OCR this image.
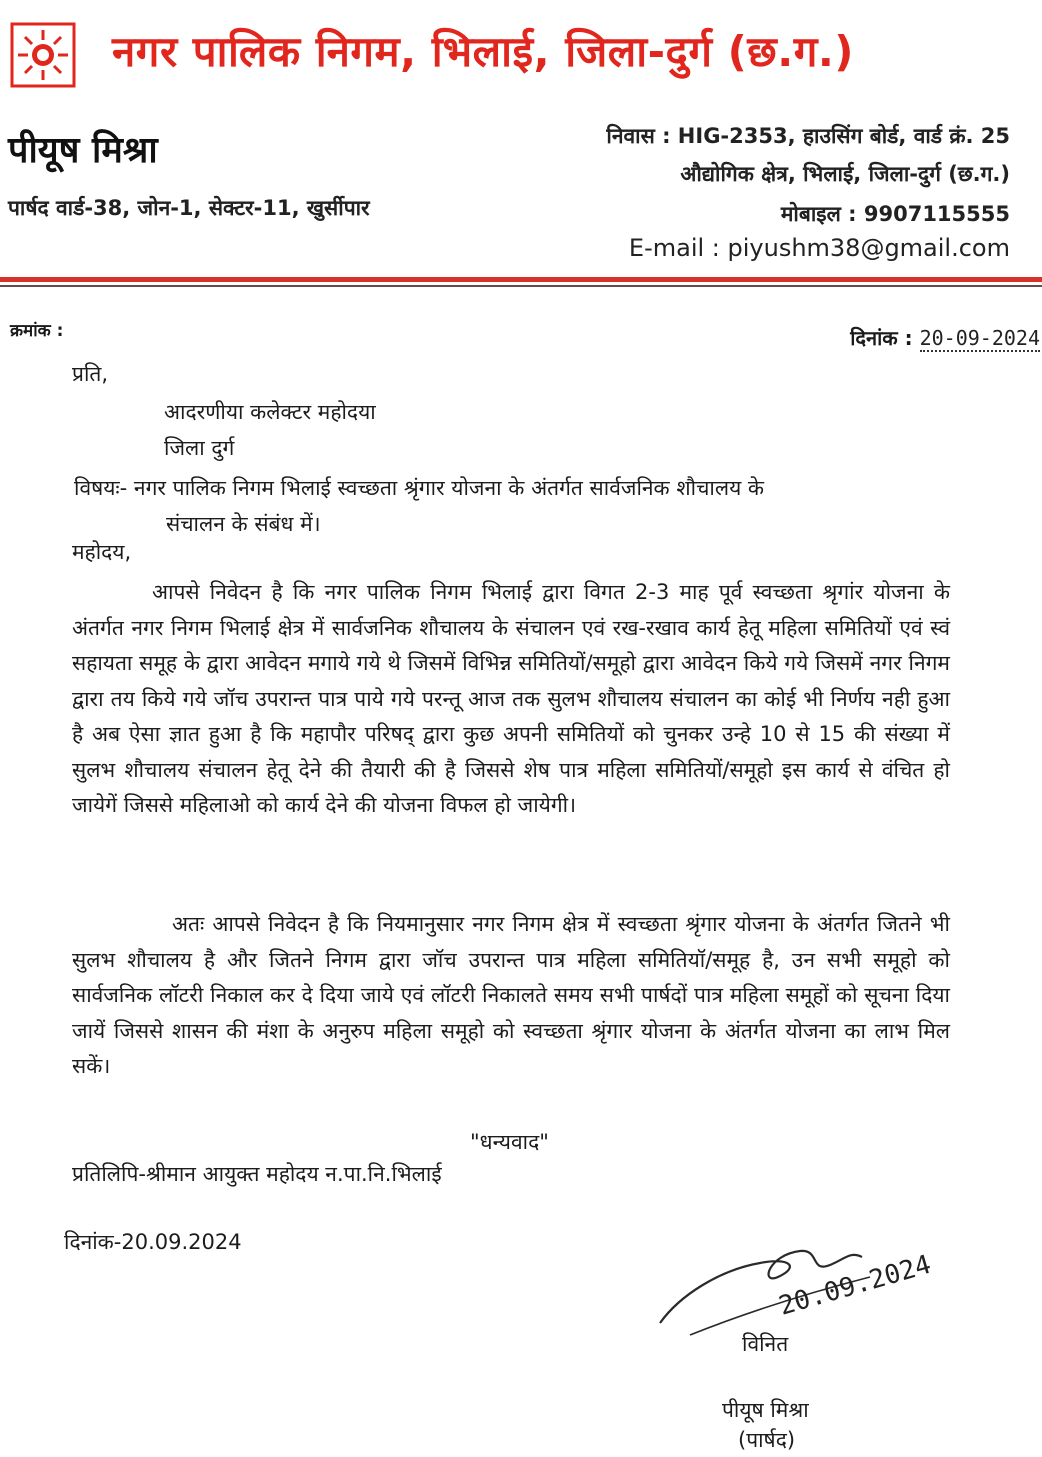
नगर पालिक निगम, भिलाई, जिला-दुर्ग (छ.ग.)
पीयूष मिश्रा
पार्षद वार्ड-38, जोन-1, सेक्टर-11, खुर्सीपार
निवास : HIG-2353, हाउसिंग बोर्ड, वार्ड क्रं. 25
औद्योगिक क्षेत्र, भिलाई, जिला-दुर्ग (छ.ग.)
मोबाइल : 9907115555
E-mail : piyushm38@gmail.com
क्रमांक :	दिनांक : 20-09-2024
प्रति,
आदरणीया कलेक्टर महोदया
जिला दुर्ग
विषयः- नगर पालिक निगम भिलाई स्वच्छता श्रृंगार योजना के अंतर्गत सार्वजनिक शौचालय के
संचालन के संबंध में।
महोदय,
आपसे निवेदन है कि नगर पालिक निगम भिलाई द्वारा विगत 2-3 माह पूर्व स्वच्छता श्रृगांर योजना के अंतर्गत नगर निगम भिलाई क्षेत्र में सार्वजनिक शौचालय के संचालन एवं रख-रखाव कार्य हेतू महिला समितियों एवं स्वं सहायता समूह के द्वारा आवेदन मगाये गये थे जिसमें विभिन्न समितियों/समूहो द्वारा आवेदन किये गये जिसमें नगर निगम द्वारा तय किये गये जॉच उपरान्त पात्र पाये गये परन्तू आज तक सुलभ शौचालय संचालन का कोई भी निर्णय नही हुआ है अब ऐसा ज्ञात हुआ है कि महापौर परिषद् द्वारा कुछ अपनी समितियों को चुनकर उन्हे 10 से 15 की संख्या में सुलभ शौचालय संचालन हेतू देने की तैयारी की है जिससे शेष पात्र महिला समितियों/समूहो इस कार्य से वंचित हो जायेगें जिससे महिलाओ को कार्य देने की योजना विफल हो जायेगी।
अतः आपसे निवेदन है कि नियमानुसार नगर निगम क्षेत्र में स्वच्छता श्रृंगार योजना के अंतर्गत जितने भी सुलभ शौचालय है और जितने निगम द्वारा जॉच उपरान्त पात्र महिला समितियॉ/समूह है, उन सभी समूहो को सार्वजनिक लॉटरी निकाल कर दे दिया जाये एवं लॉटरी निकालते समय सभी पार्षदों पात्र महिला समूहों को सूचना दिया जायें जिससे शासन की मंशा के अनुरुप महिला समूहो को स्वच्छता श्रृंगार योजना के अंतर्गत योजना का लाभ मिल सकें।
"धन्यवाद"
प्रतिलिपि-श्रीमान आयुक्त महोदय न.पा.नि.भिलाई
दिनांक-20.09.2024
20.09.2024
विनित
पीयूष मिश्रा
(पार्षद)
